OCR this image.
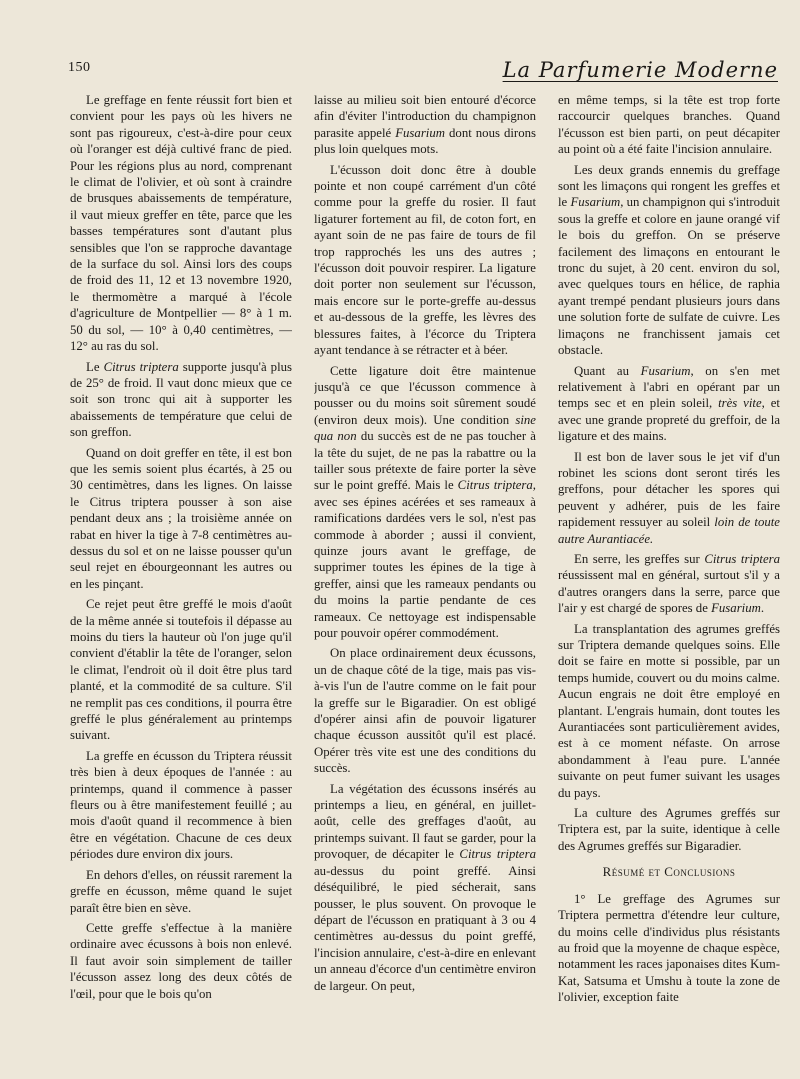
150	La Parfumerie Moderne

Le greffage en fente réussit fort bien et convient pour les pays où les hivers ne sont pas rigoureux, c'est-à-dire pour ceux où l'oranger est déjà cultivé franc de pied. Pour les régions plus au nord, comprenant le climat de l'olivier, et où sont à craindre de brusques abaissements de température, il vaut mieux greffer en tête, parce que les basses températures sont d'autant plus sensibles que l'on se rapproche davantage de la surface du sol. Ainsi lors des coups de froid des 11, 12 et 13 novembre 1920, le thermomètre a marqué à l'école d'agriculture de Montpellier — 8° à 1 m. 50 du sol, — 10° à 0,40 centimètres, — 12° au ras du sol.

Le Citrus triptera supporte jusqu'à plus de 25° de froid. Il vaut donc mieux que ce soit son tronc qui ait à supporter les abaissements de température que celui de son greffon.

Quand on doit greffer en tête, il est bon que les semis soient plus écartés, à 25 ou 30 centimètres, dans les lignes. On laisse le Citrus triptera pousser à son aise pendant deux ans ; la troisième année on rabat en hiver la tige à 7-8 centimètres au-dessus du sol et on ne laisse pousser qu'un seul rejet en ébourgeonnant les autres ou en les pinçant.

Ce rejet peut être greffé le mois d'août de la même année si toutefois il dépasse au moins du tiers la hauteur où l'on juge qu'il convient d'établir la tête de l'oranger, selon le climat, l'endroit où il doit être plus tard planté, et la commodité de sa culture. S'il ne remplit pas ces conditions, il pourra être greffé le plus généralement au printemps suivant.

La greffe en écusson du Triptera réussit très bien à deux époques de l'année : au printemps, quand il commence à passer fleurs ou à être manifestement feuillé ; au mois d'août quand il recommence à bien être en végétation. Chacune de ces deux périodes dure environ dix jours.

En dehors d'elles, on réussit rarement la greffe en écusson, même quand le sujet paraît être bien en sève.

Cette greffe s'effectue à la manière ordinaire avec écussons à bois non enlevé. Il faut avoir soin simplement de tailler l'écusson assez long des deux côtés de l'œil, pour que le bois qu'on

laisse au milieu soit bien entouré d'écorce afin d'éviter l'introduction du champignon parasite appelé Fusarium dont nous dirons plus loin quelques mots.

L'écusson doit donc être à double pointe et non coupé carrément d'un côté comme pour la greffe du rosier. Il faut ligaturer fortement au fil, de coton fort, en ayant soin de ne pas faire de tours de fil trop rapprochés les uns des autres ; l'écusson doit pouvoir respirer. La ligature doit porter non seulement sur l'écusson, mais encore sur le porte-greffe au-dessus et au-dessous de la greffe, les lèvres des blessures faites, à l'écorce du Triptera ayant tendance à se rétracter et à béer.

Cette ligature doit être maintenue jusqu'à ce que l'écusson commence à pousser ou du moins soit sûrement soudé (environ deux mois). Une condition sine qua non du succès est de ne pas toucher à la tête du sujet, de ne pas la rabattre ou la tailler sous prétexte de faire porter la sève sur le point greffé. Mais le Citrus triptera, avec ses épines acérées et ses rameaux à ramifications dardées vers le sol, n'est pas commode à aborder ; aussi il convient, quinze jours avant le greffage, de supprimer toutes les épines de la tige à greffer, ainsi que les rameaux pendants ou du moins la partie pendante de ces rameaux. Ce nettoyage est indispensable pour pouvoir opérer commodément.

On place ordinairement deux écussons, un de chaque côté de la tige, mais pas vis-à-vis l'un de l'autre comme on le fait pour la greffe sur le Bigaradier. On est obligé d'opérer ainsi afin de pouvoir ligaturer chaque écusson aussitôt qu'il est placé. Opérer très vite est une des conditions du succès.

La végétation des écussons insérés au printemps a lieu, en général, en juillet-août, celle des greffages d'août, au printemps suivant. Il faut se garder, pour la provoquer, de décapiter le Citrus triptera au-dessus du point greffé. Ainsi déséquilibré, le pied sécherait, sans pousser, le plus souvent. On provoque le départ de l'écusson en pratiquant à 3 ou 4 centimètres au-dessus du point greffé, l'incision annulaire, c'est-à-dire en enlevant un anneau d'écorce d'un centimètre environ de largeur. On peut,

en même temps, si la tête est trop forte raccourcir quelques branches. Quand l'écusson est bien parti, on peut décapiter au point où a été faite l'incision annulaire.

Les deux grands ennemis du greffage sont les limaçons qui rongent les greffes et le Fusarium, un champignon qui s'introduit sous la greffe et colore en jaune orangé vif le bois du greffon. On se préserve facilement des limaçons en entourant le tronc du sujet, à 20 cent. environ du sol, avec quelques tours en hélice, de raphia ayant trempé pendant plusieurs jours dans une solution forte de sulfate de cuivre. Les limaçons ne franchissent jamais cet obstacle.

Quant au Fusarium, on s'en met relativement à l'abri en opérant par un temps sec et en plein soleil, très vite, et avec une grande propreté du greffoir, de la ligature et des mains.

Il est bon de laver sous le jet vif d'un robinet les scions dont seront tirés les greffons, pour détacher les spores qui peuvent y adhérer, puis de les faire rapidement ressuyer au soleil loin de toute autre Aurantiacée.

En serre, les greffes sur Citrus triptera réussissent mal en général, surtout s'il y a d'autres orangers dans la serre, parce que l'air y est chargé de spores de Fusarium.

La transplantation des agrumes greffés sur Triptera demande quelques soins. Elle doit se faire en motte si possible, par un temps humide, couvert ou du moins calme. Aucun engrais ne doit être employé en plantant. L'engrais humain, dont toutes les Aurantiacées sont particulièrement avides, est à ce moment néfaste. On arrose abondamment à l'eau pure. L'année suivante on peut fumer suivant les usages du pays.

La culture des Agrumes greffés sur Triptera est, par la suite, identique à celle des Agrumes greffés sur Bigaradier.

Résumé et Conclusions

1° Le greffage des Agrumes sur Triptera permettra d'étendre leur culture, du moins celle d'individus plus résistants au froid que la moyenne de chaque espèce, notamment les races japonaises dites Kum-Kat, Satsuma et Umshu à toute la zone de l'olivier, exception faite
